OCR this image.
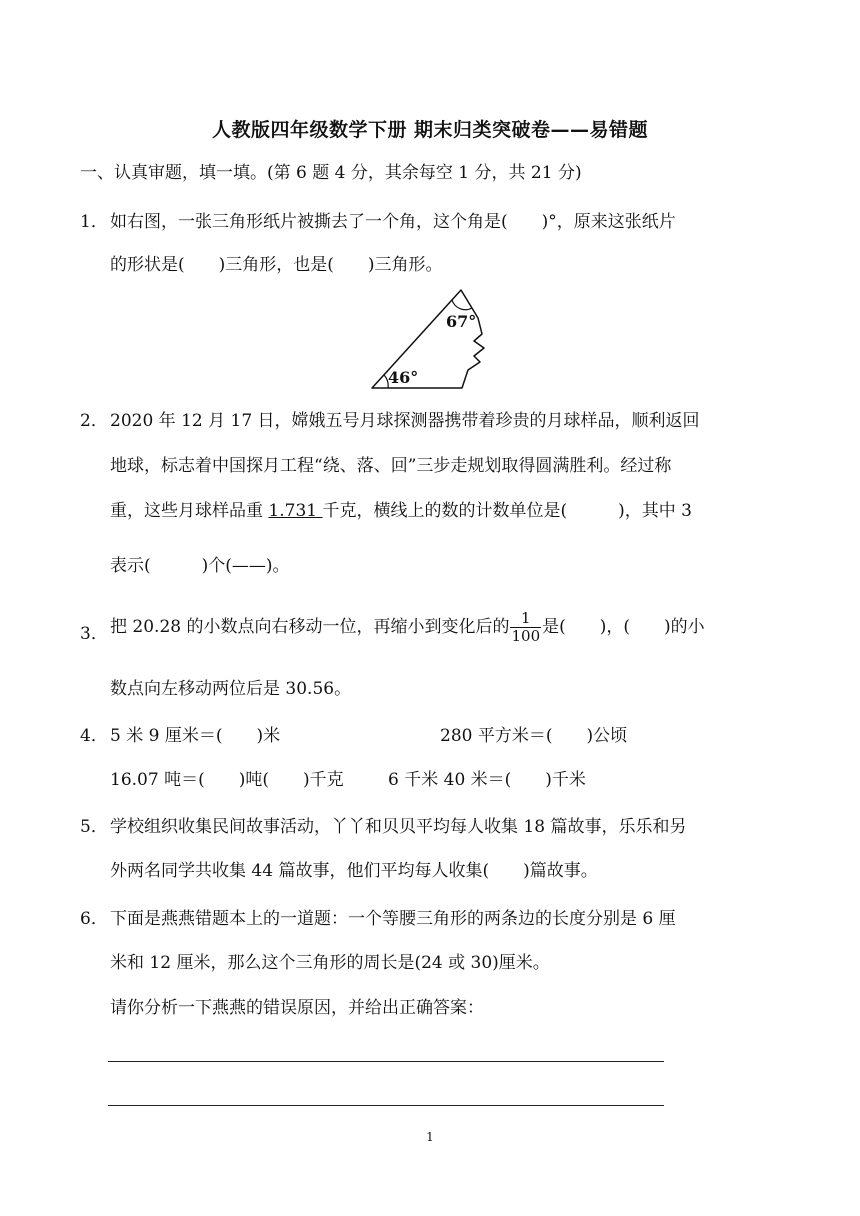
人教版四年级数学下册 期末归类突破卷——易错题
一、认真审题，填一填。(第 6 题 4 分，其余每空 1 分，共 21 分)
1． 如右图，一张三角形纸片被撕去了一个角，这个角是(　　)°，原来这张纸片
的形状是(　　)三角形，也是(　　)三角形。
67°
46°
2． 2020 年 12 月 17 日，嫦娥五号月球探测器携带着珍贵的月球样品，顺利返回
地球，标志着中国探月工程“绕、落、回”三步走规划取得圆满胜利。经过称
重，这些月球样品重 1.731 千克，横线上的数的计数单位是(　　　)，其中 3
表示(　　　)个(——)。
3． 把 20.28 的小数点向右移动一位，再缩小到变化后的$\frac{1}{100}$ 是(　　)，(　　)的小
数点向左移动两位后是 30.56。
4． 5 米 9 厘米＝(　　)米	280 平方米＝(　　)公顷
16.07 吨＝(　　)吨(　　)千克	6 千米 40 米＝(　　)千米
5． 学校组织收集民间故事活动，丫丫和贝贝平均每人收集 18 篇故事，乐乐和另
外两名同学共收集 44 篇故事，他们平均每人收集(　　)篇故事。
6． 下面是燕燕错题本上的一道题：一个等腰三角形的两条边的长度分别是 6 厘
米和 12 厘米，那么这个三角形的周长是(24 或 30)厘米。
请你分析一下燕燕的错误原因，并给出正确答案：
1
